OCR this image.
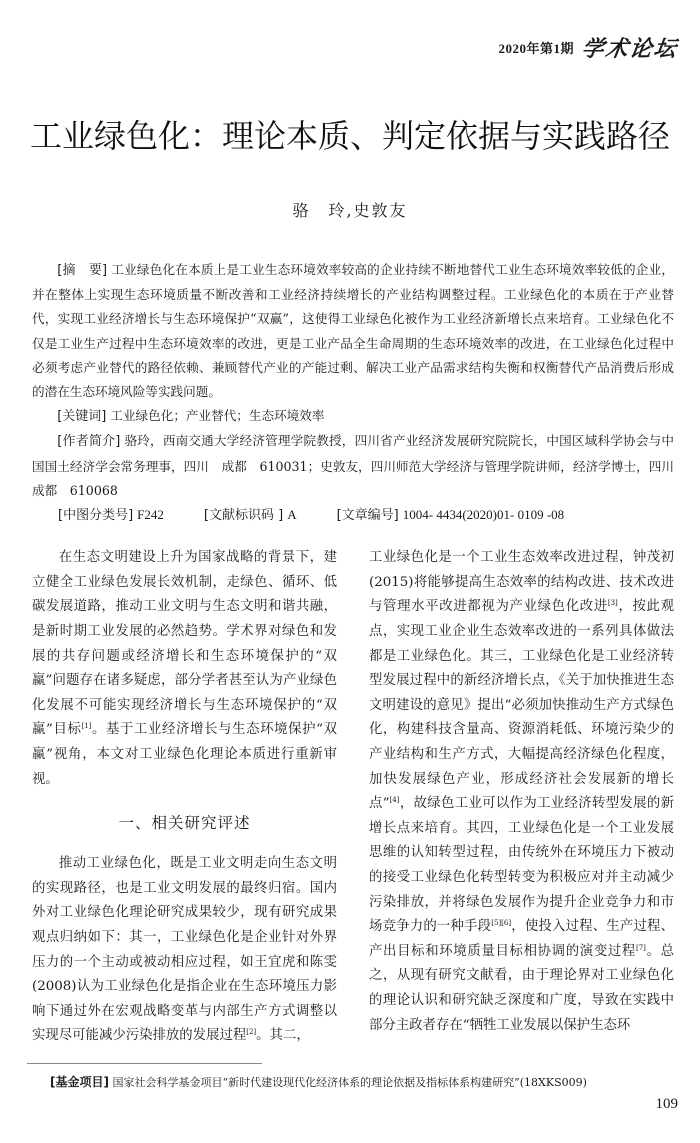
2020年第1期 学术论坛
工业绿色化：理论本质、判定依据与实践路径
骆　玲,史敦友

[摘　要] 工业绿色化在本质上是工业生态环境效率较高的企业持续不断地替代工业生态环境效率较低的企业，并在整体上实现生态环境质量不断改善和工业经济持续增长的产业结构调整过程。工业绿色化的本质在于产业替代，实现工业经济增长与生态环境保护“双赢”，这使得工业绿色化被作为工业经济新增长点来培育。工业绿色化不仅是工业生产过程中生态环境效率的改进，更是工业产品全生命周期的生态环境效率的改进，在工业绿色化过程中必须考虑产业替代的路径依赖、兼顾替代产业的产能过剩、解决工业产品需求结构失衡和权衡替代产品消费后形成的潜在生态环境风险等实践问题。

[关键词] 工业绿色化；产业替代；生态环境效率

[作者简介] 骆玲，西南交通大学经济管理学院教授，四川省产业经济发展研究院院长，中国区域科学协会与中国国土经济学会常务理事，四川　成都　610031；史敦友，四川师范大学经济与管理学院讲师，经济学博士，四川　成都　610068

[中图分类号] F242	[文献标识码 ] A	[文章编号] 1004- 4434(2020)01- 0109 -08

在生态文明建设上升为国家战略的背景下，建立健全工业绿色发展长效机制，走绿色、循环、低碳发展道路，推动工业文明与生态文明和谐共融，是新时期工业发展的必然趋势。学术界对绿色和发展的共存问题或经济增长和生态环境保护的“双赢”问题存在诸多疑虑，部分学者甚至认为产业绿色化发展不可能实现经济增长与生态环境保护的“双赢”目标[1]。基于工业经济增长与生态环境保护“双赢”视角，本文对工业绿色化理论本质进行重新审视。

一、相关研究评述

推动工业绿色化，既是工业文明走向生态文明的实现路径，也是工业文明发展的最终归宿。国内外对工业绿色化理论研究成果较少，现有研究成果观点归纳如下：其一，工业绿色化是企业针对外界压力的一个主动或被动相应过程，如王宜虎和陈雯(2008)认为工业绿色化是指企业在生态环境压力影响下通过外在宏观战略变革与内部生产方式调整以实现尽可能减少污染排放的发展过程[2]。其二，

工业绿色化是一个工业生态效率改进过程，钟茂初(2015)将能够提高生态效率的结构改进、技术改进与管理水平改进都视为产业绿色化改进[3]，按此观点，实现工业企业生态效率改进的一系列具体做法都是工业绿色化。其三，工业绿色化是工业经济转型发展过程中的新经济增长点，《关于加快推进生态文明建设的意见》提出“必须加快推动生产方式绿色化，构建科技含量高、资源消耗低、环境污染少的产业结构和生产方式，大幅提高经济绿色化程度，加快发展绿色产业，形成经济社会发展新的增长点”[4]，故绿色工业可以作为工业经济转型发展的新增长点来培育。其四，工业绿色化是一个工业发展思维的认知转型过程，由传统外在环境压力下被动的接受工业绿色化转型转变为积极应对并主动减少污染排放，并将绿色发展作为提升企业竞争力和市场竞争力的一种手段[5][6]，使投入过程、生产过程、产出目标和环境质量目标相协调的演变过程[7]。总之，从现有研究文献看，由于理论界对工业绿色化的理论认识和研究缺乏深度和广度，导致在实践中部分主政者存在“牺牲工业发展以保护生态环

[基金项目] 国家社会科学基金项目“新时代建设现代化经济体系的理论依据及指标体系构建研究”(18XKS009)
109
